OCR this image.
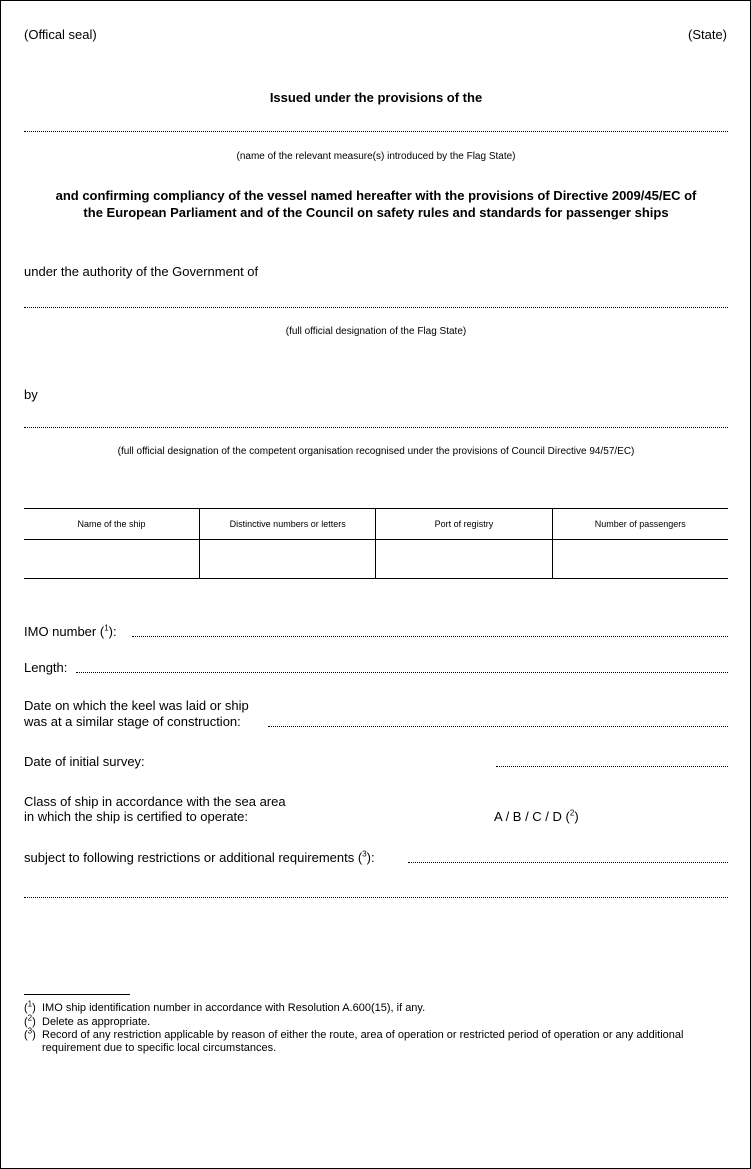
(Offical seal)	(State)
Issued under the provisions of the
(name of the relevant measure(s) introduced by the Flag State)
and confirming compliancy of the vessel named hereafter with the provisions of Directive 2009/45/EC of
the European Parliament and of the Council on safety rules and standards for passenger ships
under the authority of the Government of
(full official designation of the Flag State)
by
(full official designation of the competent organisation recognised under the provisions of Council Directive 94/57/EC)
Name of the ship	Distinctive numbers or letters	Port of registry	Number of passengers

IMO number ($^1$):
Length:
Date on which the keel was laid or ship
was at a similar stage of construction:
Date of initial survey:
Class of ship in accordance with the sea area
in which the ship is certified to operate:	A / B / C / D ($^2$)
subject to following restrictions or additional requirements ($^3$):
($^1$) IMO ship identification number in accordance with Resolution A.600(15), if any.
($^2$) Delete as appropriate.
($^3$) Record of any restriction applicable by reason of either the route, area of operation or restricted period of operation or any additional requirement due to specific local circumstances.
